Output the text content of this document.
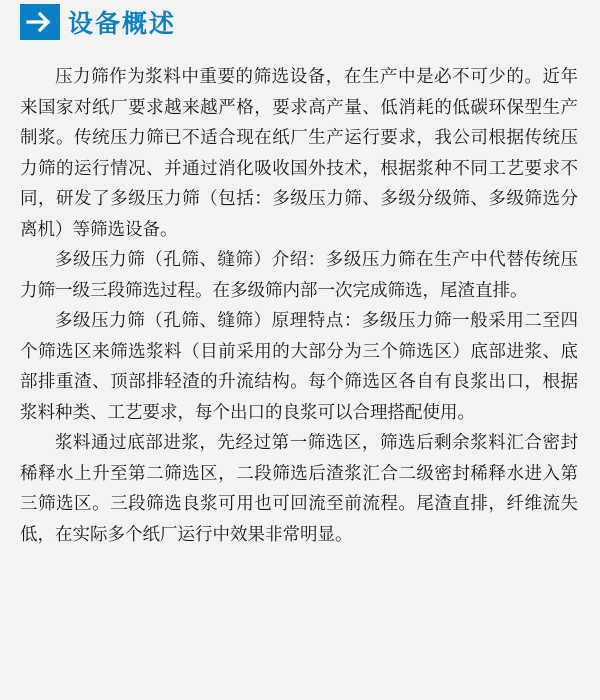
设备概述

压力筛作为浆料中重要的筛选设备，在生产中是必不可少的。近年来国家对纸厂要求越来越严格，要求高产量、低消耗的低碳环保型生产制浆。传统压力筛已不适合现在纸厂生产运行要求，我公司根据传统压力筛的运行情况、并通过消化吸收国外技术，根据浆种不同工艺要求不同，研发了多级压力筛（包括：多级压力筛、多级分级筛、多级筛选分离机）等筛选设备。

多级压力筛（孔筛、缝筛）介绍：多级压力筛在生产中代替传统压力筛一级三段筛选过程。在多级筛内部一次完成筛选，尾渣直排。

多级压力筛（孔筛、缝筛）原理特点：多级压力筛一般采用二至四个筛选区来筛选浆料（目前采用的大部分为三个筛选区）底部进浆、底部排重渣、顶部排轻渣的升流结构。每个筛选区各自有良浆出口，根据浆料种类、工艺要求，每个出口的良浆可以合理搭配使用。

浆料通过底部进浆，先经过第一筛选区，筛选后剩余浆料汇合密封稀释水上升至第二筛选区，二段筛选后渣浆汇合二级密封稀释水进入第三筛选区。三段筛选良浆可用也可回流至前流程。尾渣直排，纤维流失低，在实际多个纸厂运行中效果非常明显。
